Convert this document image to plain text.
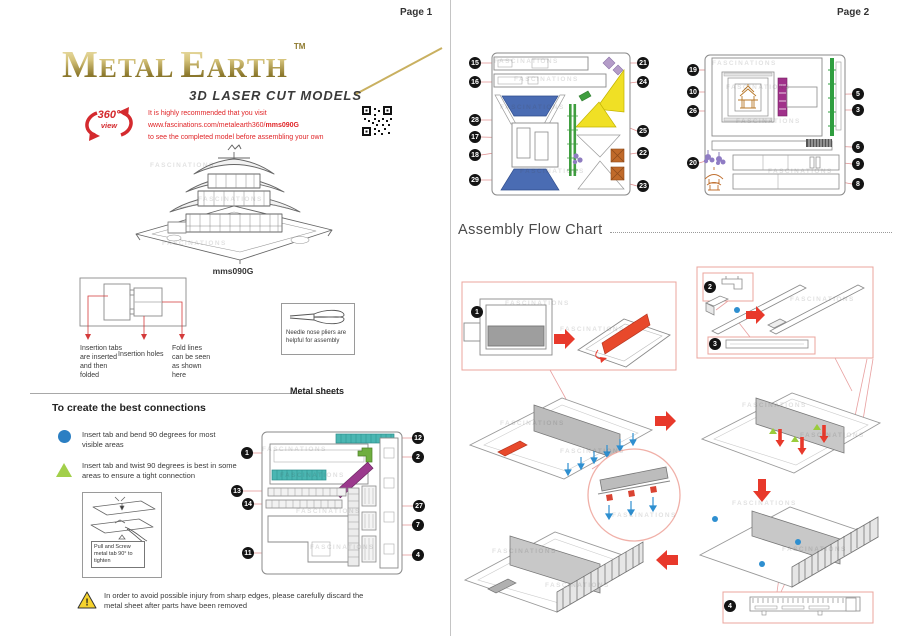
Page 1	Page 2
METAL EARTH™
3D LASER CUT MODELS
360°
view
It is highly recommended that you visit
www.fascinations.com/metalearth360/mms090G
to see the completed model before assembling your own
FASCINATIONS
mms090G
Insertion tabs are inserted and then folded
Insertion holes
Fold lines can be seen as shown here
Needle nose pliers are helpful for assembly
Metal sheets
To create the best connections
Insert tab and bend 90 degrees for most visible areas
Insert tab and twist 90 degrees is best in some areas to ensure a tight connection
Pull and Screw metal tab 90° to tighten
1
13
14
11
12
2
27
7
4
!
In order to avoid possible injury from sharp edges, please carefully discard the metal sheet after parts have been removed
15
16
28
17
18
29
21
24
25
22
23
19
10
26
20
5
3
6
9
8
Assembly Flow Chart
1
2
3
4
FASCINATIONS
FASCINATIONS
FASCINATIONS
